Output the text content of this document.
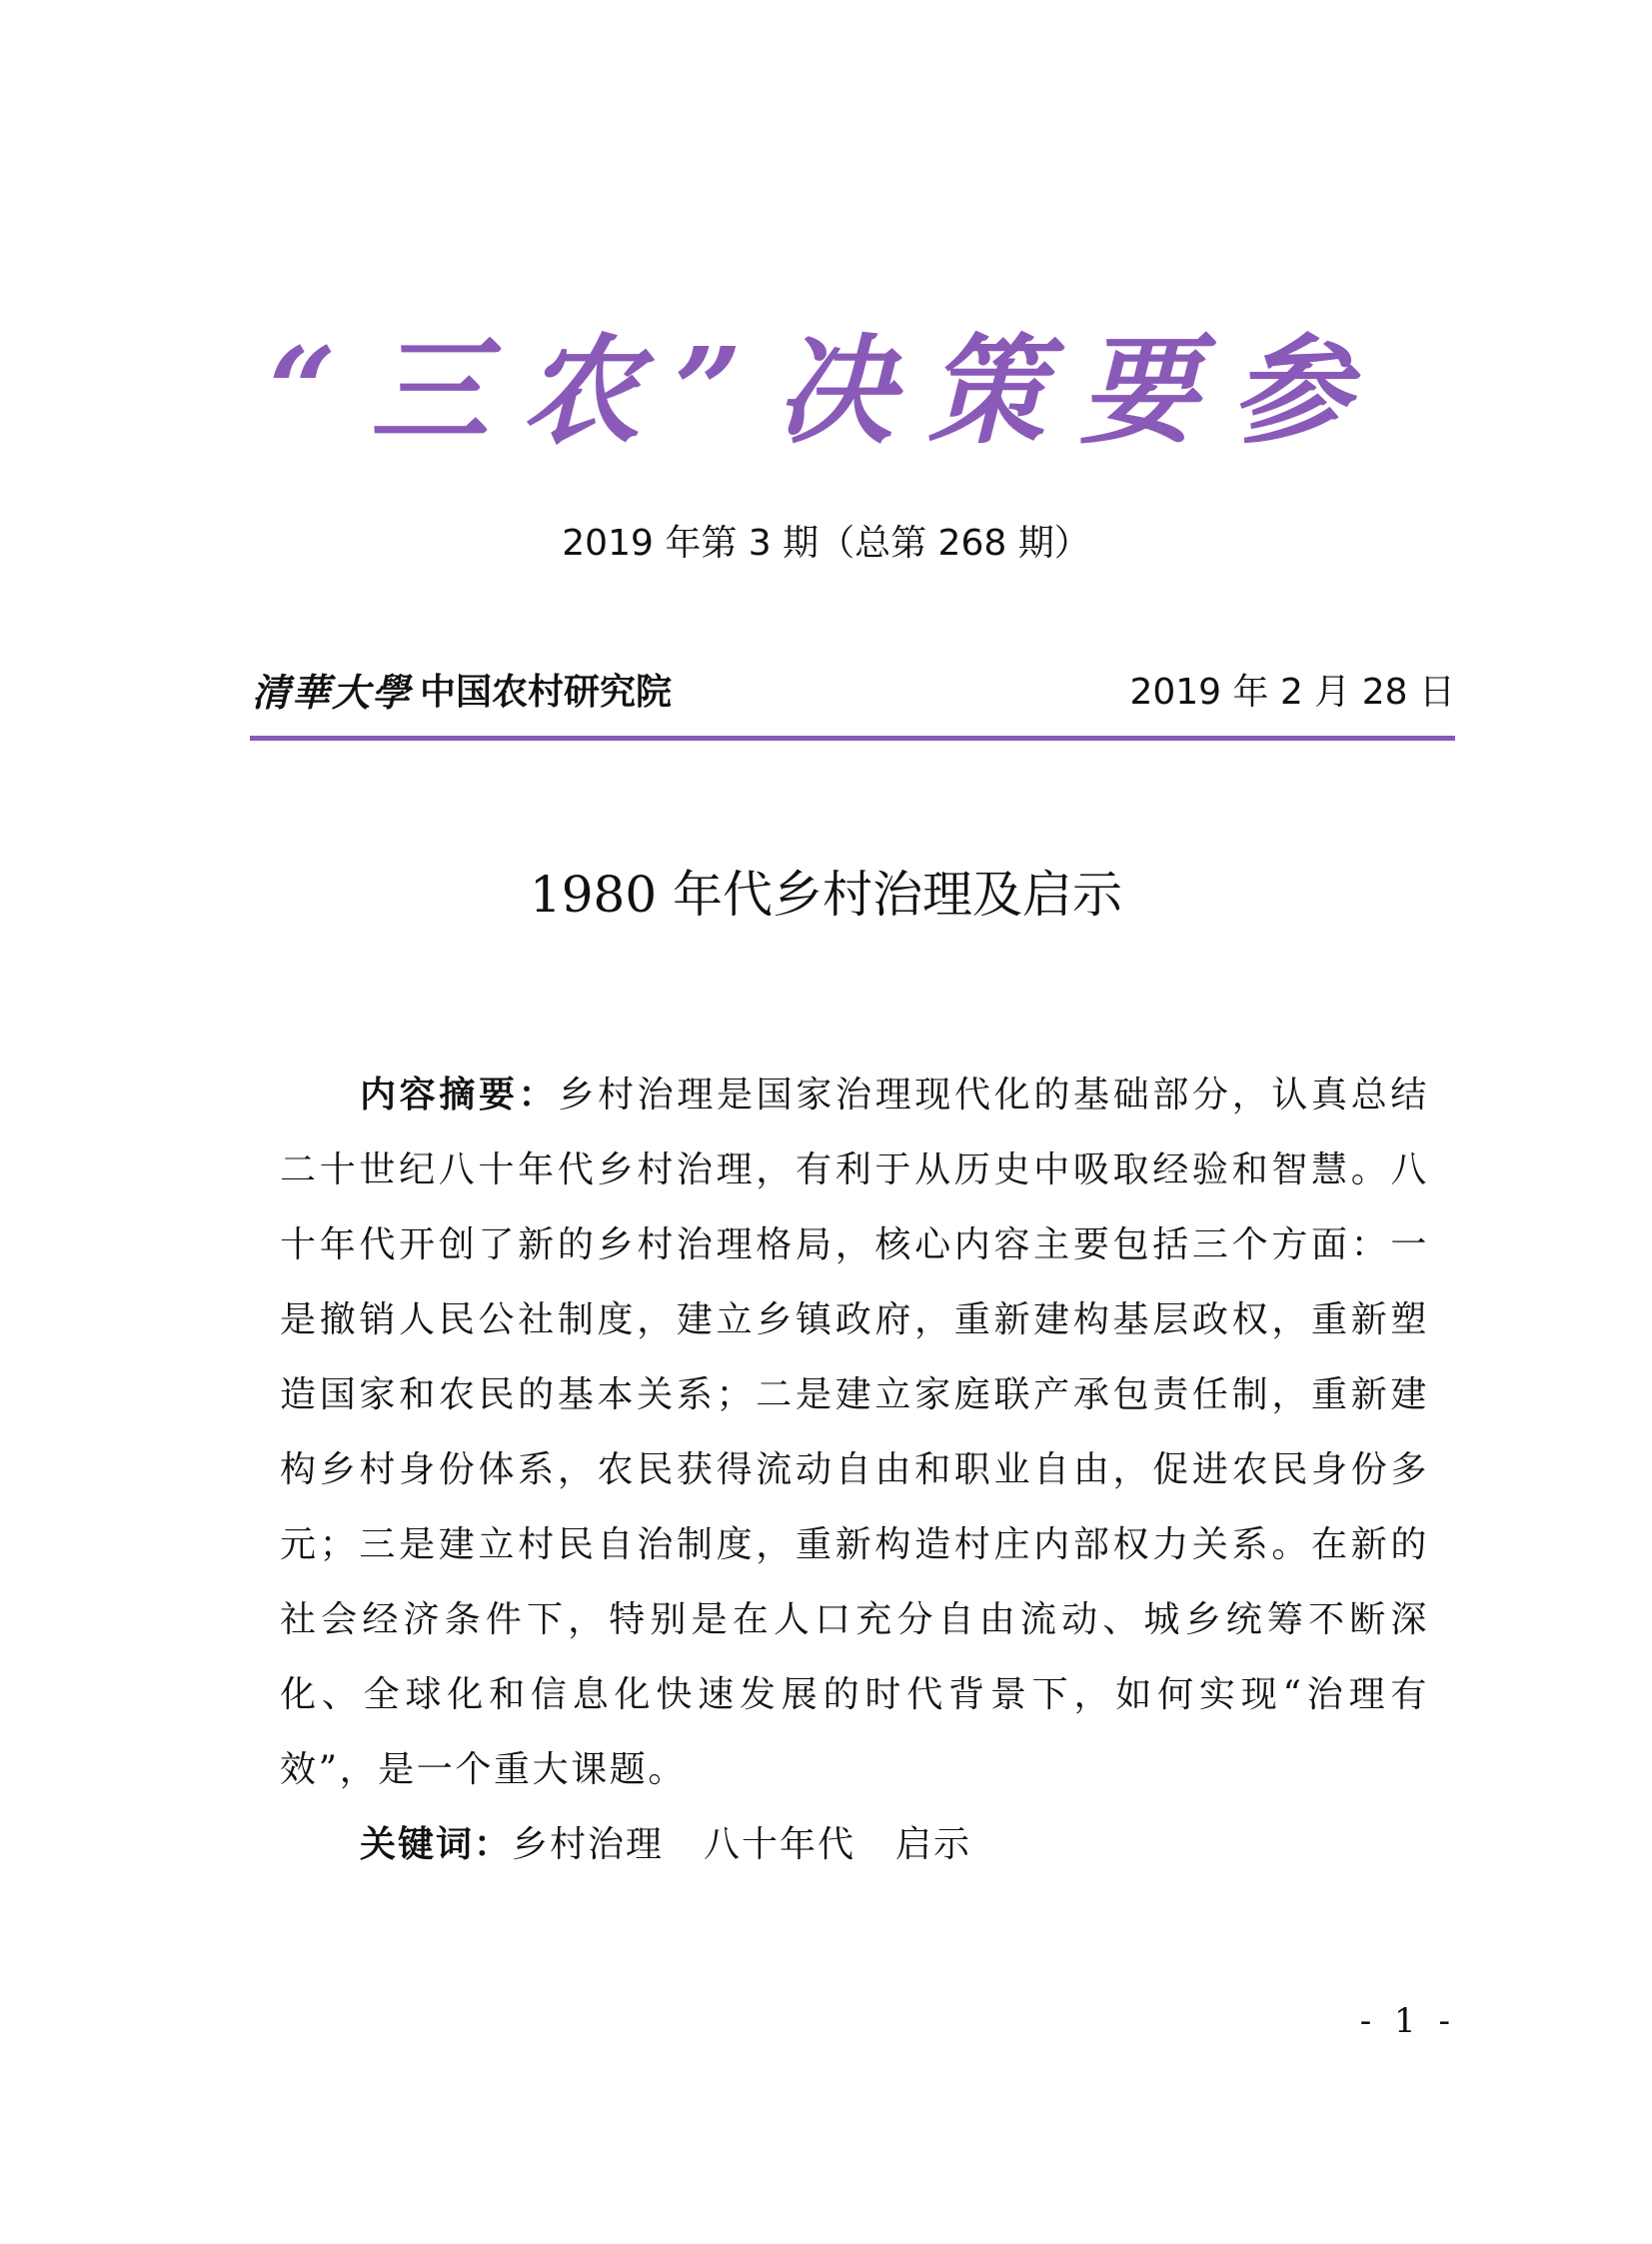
“三农”决策要参
2019 年第 3 期（总第 268 期）
清華大學 中国农村研究院	2019 年 2 月 28 日
1980 年代乡村治理及启示
内容摘要：乡村治理是国家治理现代化的基础部分，认真总结二十世纪八十年代乡村治理，有利于从历史中吸取经验和智慧。八十年代开创了新的乡村治理格局，核心内容主要包括三个方面：一是撤销人民公社制度，建立乡镇政府，重新建构基层政权，重新塑造国家和农民的基本关系；二是建立家庭联产承包责任制，重新建构乡村身份体系，农民获得流动自由和职业自由，促进农民身份多元；三是建立村民自治制度，重新构造村庄内部权力关系。在新的社会经济条件下，特别是在人口充分自由流动、城乡统筹不断深化、全球化和信息化快速发展的时代背景下，如何实现“治理有效”，是一个重大课题。
关键词：乡村治理 八十年代 启示
- 1 -
